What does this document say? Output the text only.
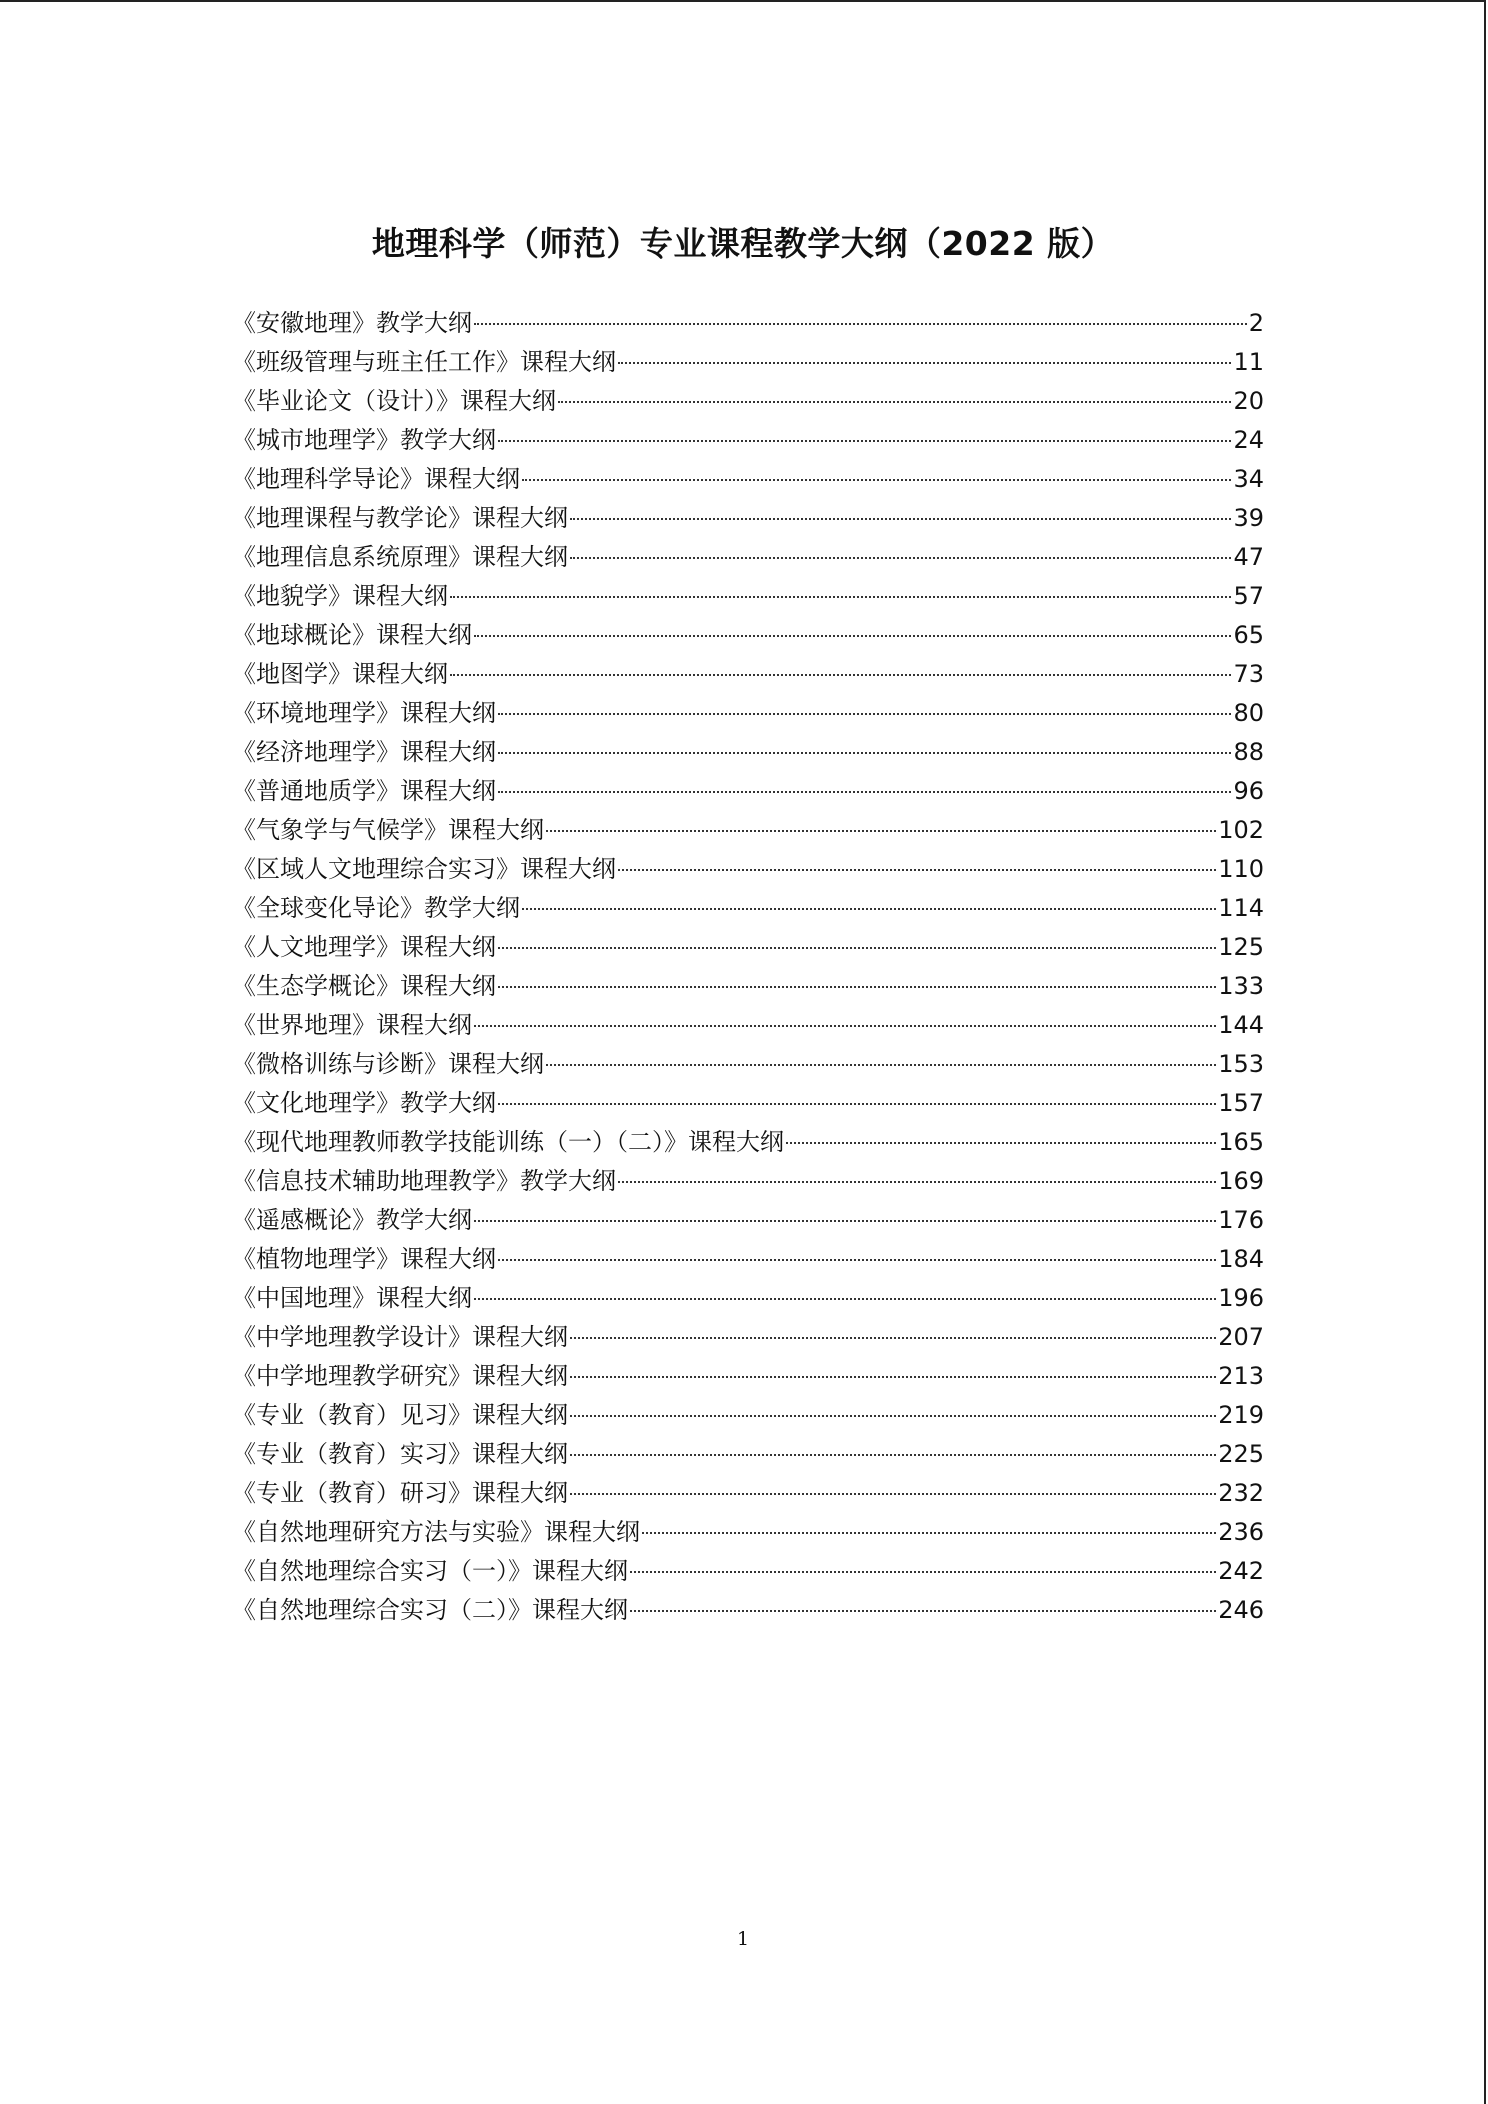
地理科学（师范）专业课程教学大纲（2022 版）
《安徽地理》教学大纲	2
《班级管理与班主任工作》课程大纲	11
《毕业论文（设计）》课程大纲	20
《城市地理学》教学大纲	24
《地理科学导论》课程大纲	34
《地理课程与教学论》课程大纲	39
《地理信息系统原理》课程大纲	47
《地貌学》课程大纲	57
《地球概论》课程大纲	65
《地图学》课程大纲	73
《环境地理学》课程大纲	80
《经济地理学》课程大纲	88
《普通地质学》课程大纲	96
《气象学与气候学》课程大纲	102
《区域人文地理综合实习》课程大纲	110
《全球变化导论》教学大纲	114
《人文地理学》课程大纲	125
《生态学概论》课程大纲	133
《世界地理》课程大纲	144
《微格训练与诊断》课程大纲	153
《文化地理学》教学大纲	157
《现代地理教师教学技能训练（一）（二）》课程大纲	165
《信息技术辅助地理教学》教学大纲	169
《遥感概论》教学大纲	176
《植物地理学》课程大纲	184
《中国地理》课程大纲	196
《中学地理教学设计》课程大纲	207
《中学地理教学研究》课程大纲	213
《专业（教育）见习》课程大纲	219
《专业（教育）实习》课程大纲	225
《专业（教育）研习》课程大纲	232
《自然地理研究方法与实验》课程大纲	236
《自然地理综合实习（一）》课程大纲	242
《自然地理综合实习（二）》课程大纲	246
1
